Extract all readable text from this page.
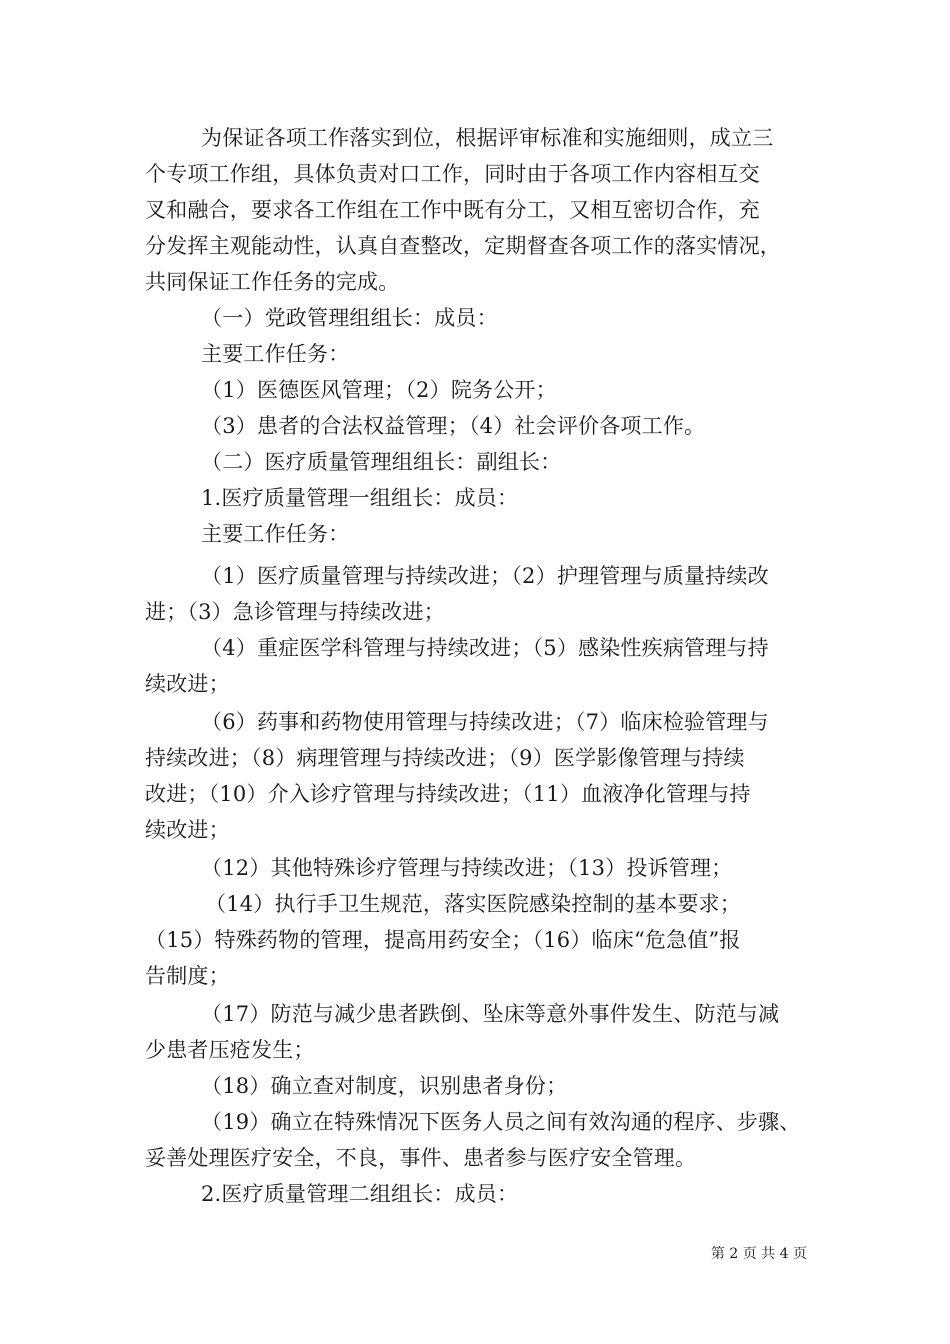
为保证各项工作落实到位，根据评审标准和实施细则，成立三
个专项工作组，具体负责对口工作，同时由于各项工作内容相互交
叉和融合，要求各工作组在工作中既有分工，又相互密切合作，充
分发挥主观能动性，认真自查整改，定期督查各项工作的落实情况，
共同保证工作任务的完成。
（一）党政管理组组长：成员：
主要工作任务：
（1）医德医风管理；（2）院务公开；
（3）患者的合法权益管理；（4）社会评价各项工作。
（二）医疗质量管理组组长：副组长：
1.医疗质量管理一组组长：成员：
主要工作任务：
（1）医疗质量管理与持续改进；（2）护理管理与质量持续改
进；（3）急诊管理与持续改进；
（4）重症医学科管理与持续改进；（5）感染性疾病管理与持
续改进；
（6）药事和药物使用管理与持续改进；（7）临床检验管理与
持续改进；（8）病理管理与持续改进；（9）医学影像管理与持续
改进；（10）介入诊疗管理与持续改进；（11）血液净化管理与持
续改进；
（12）其他特殊诊疗管理与持续改进；（13）投诉管理；
（14）执行手卫生规范，落实医院感染控制的基本要求；
（15）特殊药物的管理，提高用药安全；（16）临床“危急值”报
告制度；
（17）防范与减少患者跌倒、坠床等意外事件发生、防范与减
少患者压疮发生；
（18）确立查对制度，识别患者身份；
（19）确立在特殊情况下医务人员之间有效沟通的程序、步骤、
妥善处理医疗安全，不良，事件、患者参与医疗安全管理。
2.医疗质量管理二组组长：成员：
第 2 页 共 4 页
